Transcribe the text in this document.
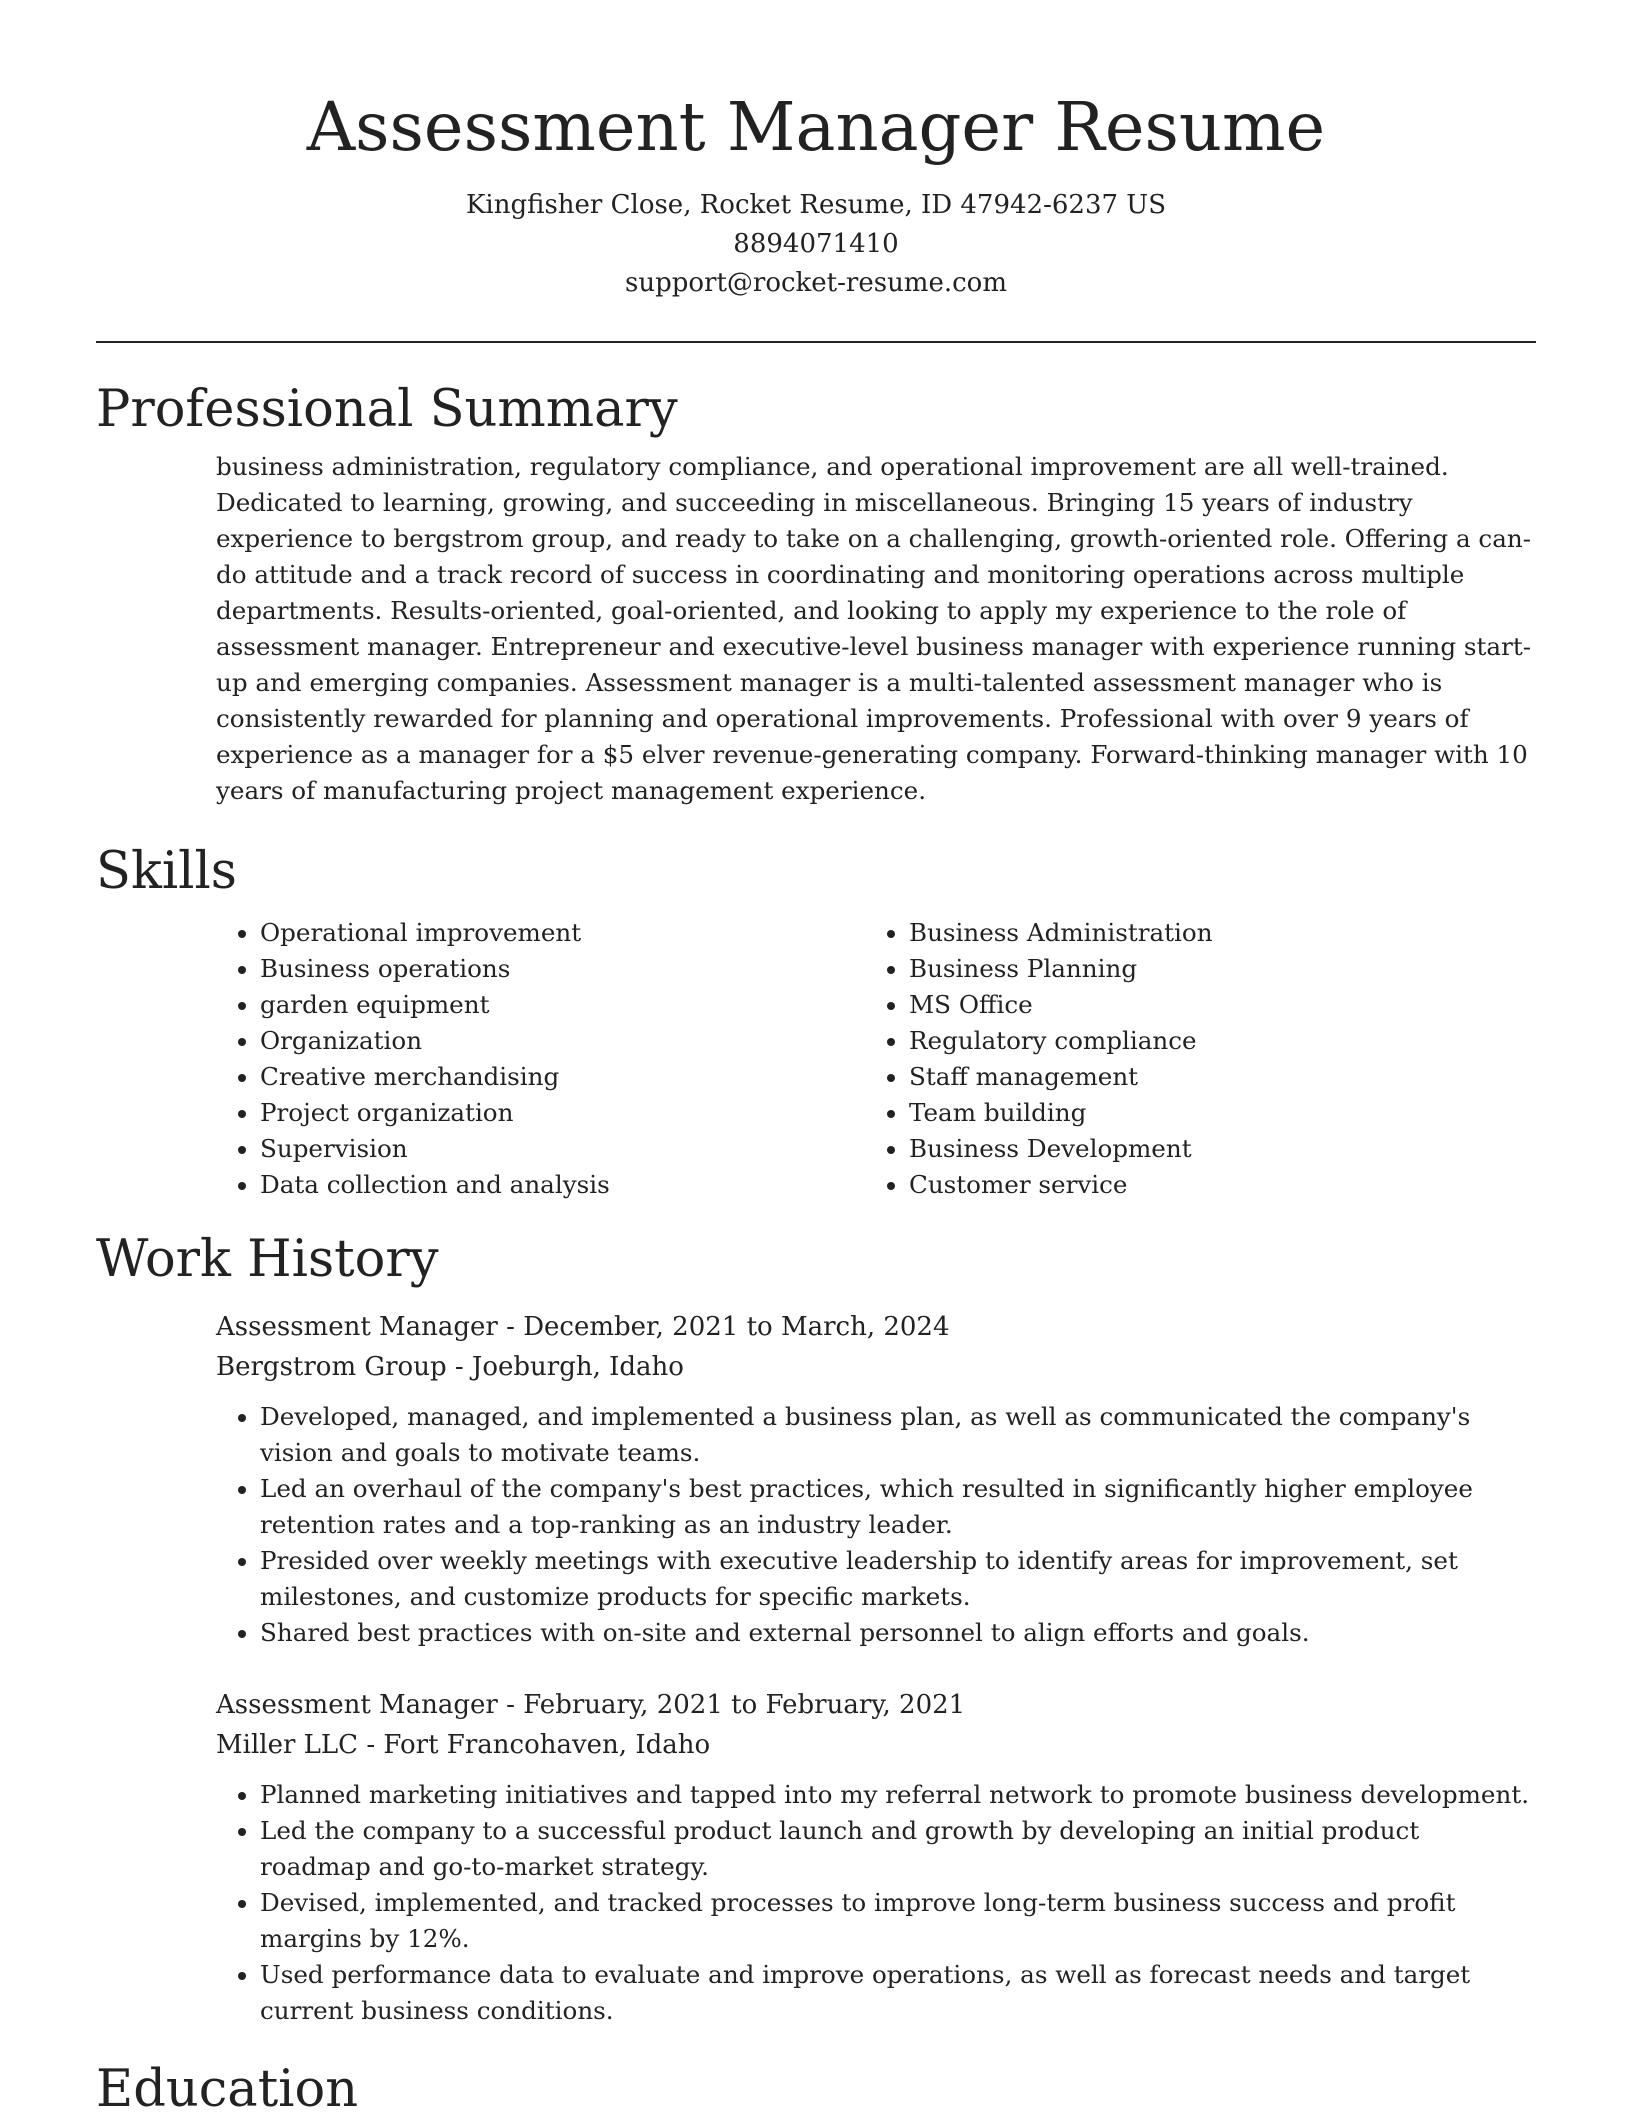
Assessment Manager Resume
Kingfisher Close, Rocket Resume, ID 47942-6237 US
8894071410
support@rocket-resume.com
Professional Summary
business administration, regulatory compliance, and operational improvement are all well-trained. Dedicated to learning, growing, and succeeding in miscellaneous. Bringing 15 years of industry experience to bergstrom group, and ready to take on a challenging, growth-oriented role. Offering a can-do attitude and a track record of success in coordinating and monitoring operations across multiple departments. Results-oriented, goal-oriented, and looking to apply my experience to the role of assessment manager. Entrepreneur and executive-level business manager with experience running start-up and emerging companies. Assessment manager is a multi-talented assessment manager who is consistently rewarded for planning and operational improvements. Professional with over 9 years of experience as a manager for a $5 elver revenue-generating company. Forward-thinking manager with 10 years of manufacturing project management experience.
Skills
• Operational improvement
• Business operations
• garden equipment
• Organization
• Creative merchandising
• Project organization
• Supervision
• Data collection and analysis
• Business Administration
• Business Planning
• MS Office
• Regulatory compliance
• Staff management
• Team building
• Business Development
• Customer service
Work History
Assessment Manager - December, 2021 to March, 2024
Bergstrom Group - Joeburgh, Idaho
• Developed, managed, and implemented a business plan, as well as communicated the company's vision and goals to motivate teams.
• Led an overhaul of the company's best practices, which resulted in significantly higher employee retention rates and a top-ranking as an industry leader.
• Presided over weekly meetings with executive leadership to identify areas for improvement, set milestones, and customize products for specific markets.
• Shared best practices with on-site and external personnel to align efforts and goals.
Assessment Manager - February, 2021 to February, 2021
Miller LLC - Fort Francohaven, Idaho
• Planned marketing initiatives and tapped into my referral network to promote business development.
• Led the company to a successful product launch and growth by developing an initial product roadmap and go-to-market strategy.
• Devised, implemented, and tracked processes to improve long-term business success and profit margins by 12%.
• Used performance data to evaluate and improve operations, as well as forecast needs and target current business conditions.
Education
